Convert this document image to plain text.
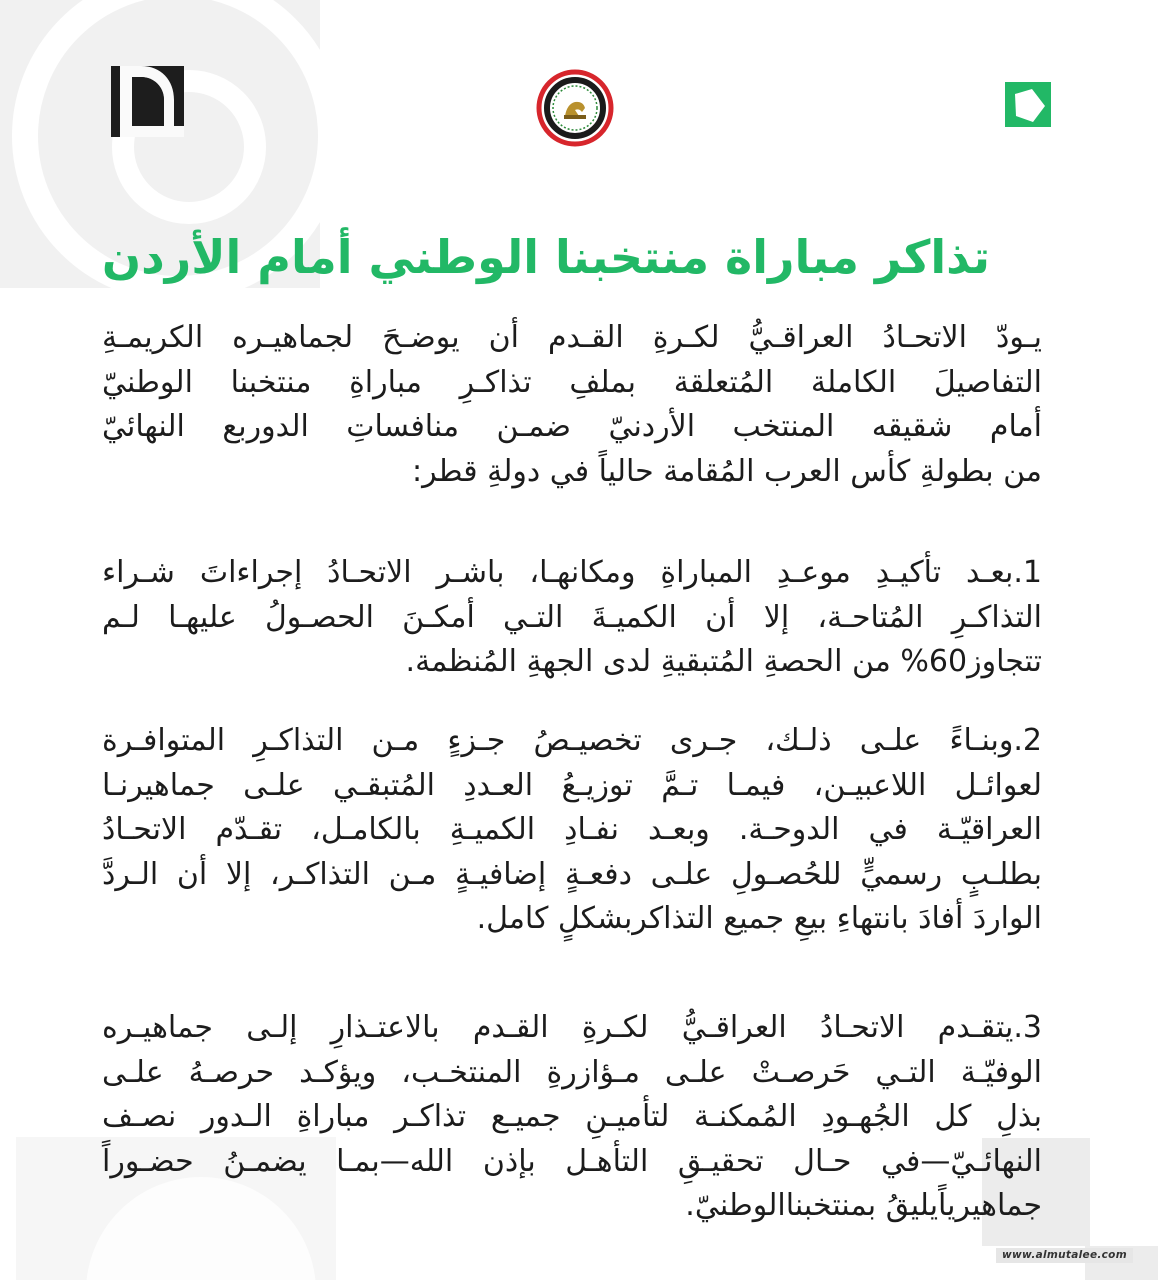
تذاكر مباراة منتخبنا الوطني أمام الأردن
يـودّ الاتحـادُ العراقـيُّ لكـرةِ القـدم أن يوضـحَ لجماهيـره الكريمـةِ
التفاصيلَ الكاملة المُتعلقة بملفِ تذاكـرِ مباراةِ منتخبنا الوطنيّ
أمام شقيقه المنتخب الأردنيّ ضمـن منافساتِ الدوربع النهائيّ
من بطولةِ كأس العرب المُقامة حالياً في دولةِ قطر:
1.بعـد تأكيـدِ موعـدِ المباراةِ ومكانهـا، باشـر الاتحـادُ إجراءاتَ شـراء
التذاكـرِ المُتاحـة، إلا أن الكميـةَ التـي أمكـنَ الحصـولُ عليهـا لـم
تتجاوز60% من الحصةِ المُتبقيةِ لدى الجهةِ المُنظمة.
2.وبنـاءً علـى ذلـك، جـرى تخصيـصُ جـزءٍ مـن التذاكـرِ المتوافـرة
لعوائـل اللاعبيـن، فيمـا تـمَّ توزيـعُ العـددِ المُتبقـي علـى جماهيرنـا
العراقيّـة في الدوحـة. وبعـد نفـادِ الكميـةِ بالكامـل، تقـدّم الاتحـادُ
بطلـبٍ رسميٍّ للحُصـولِ علـى دفعـةٍ إضافيـةٍ مـن التذاكـر، إلا أن الـردَّ
الواردَ أفادَ بانتهاءِ بيعِ جميع التذاكربشكلٍ كامل.
3.يتقـدم الاتحـادُ العراقـيُّ لكـرةِ القـدم بالاعتـذارِ إلـى جماهيـره
الوفيّـة التـي حَرصـتْ علـى مـؤازرةِ المنتخـب، ويؤكـد حرصـهُ علـى
بذلِ كل الجُهـودِ المُمكنـة لتأميـنِ جميـع تذاكـر مباراةِ الـدور نصـف
النهائـيّ—في حـال تحقيـقِ التأهـل بإذن الله—بمـا يضمـنُ حضـوراً
جماهيرياًيليقُ بمنتخبناالوطنيّ.
www.almutalee.com
